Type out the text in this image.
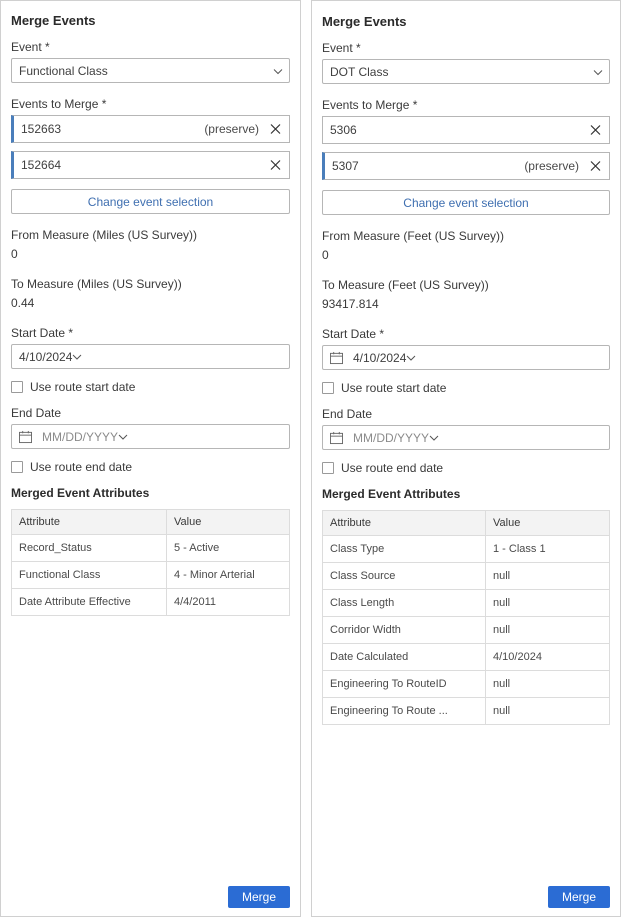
Merge Events
Event *
Functional Class
Events to Merge *
152663	(preserve)
152664
Change event selection
From Measure (Miles (US Survey))
0
To Measure (Miles (US Survey))
0.44
Start Date *
4/10/2024
Use route start date
End Date
MM/DD/YYYY
Use route end date
Merged Event Attributes
Attribute	Value
Record_Status	5 - Active
Functional Class	4 - Minor Arterial
Date Attribute Effective	4/4/2011
Merge
Merge Events
Event *
DOT Class
Events to Merge *
5306
5307	(preserve)
Change event selection
From Measure (Feet (US Survey))
0
To Measure (Feet (US Survey))
93417.814
Start Date *
4/10/2024
Use route start date
End Date
MM/DD/YYYY
Use route end date
Merged Event Attributes
Attribute	Value
Class Type	1 - Class 1
Class Source	null
Class Length	null
Corridor Width	null
Date Calculated	4/10/2024
Engineering To RouteID	null
Engineering To Route ...	null
Merge
